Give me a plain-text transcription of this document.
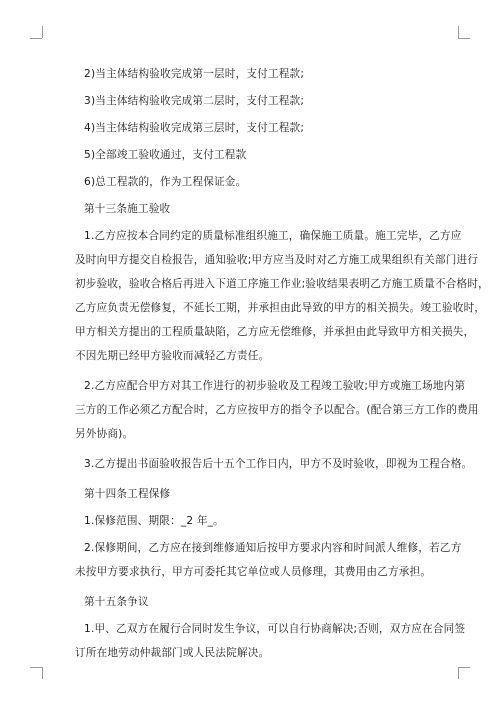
2)当主体结构验收完成第一层时，支付工程款;

3)当主体结构验收完成第二层时，支付工程款;

4)当主体结构验收完成第三层时，支付工程款;

5)全部竣工验收通过，支付工程款

6)总工程款的，作为工程保证金。

第十三条施工验收

1.乙方应按本合同约定的质量标准组织施工，确保施工质量。施工完毕，乙方应
及时向甲方提交自检报告，通知验收;甲方应当及时对乙方施工成果组织有关部门进行
初步验收，验收合格后再进入下道工序施工作业;验收结果表明乙方施工质量不合格时，
乙方应负责无偿修复，不延长工期，并承担由此导致的甲方的相关损失。竣工验收时，
甲方相关方提出的工程质量缺陷，乙方应无偿维修，并承担由此导致甲方相关损失，
不因先期已经甲方验收而减轻乙方责任。

2.乙方应配合甲方对其工作进行的初步验收及工程竣工验收;甲方或施工场地内第
三方的工作必须乙方配合时，乙方应按甲方的指令予以配合。(配合第三方工作的费用
另外协商)。

3.乙方提出书面验收报告后十五个工作日内，甲方不及时验收，即视为工程合格。

第十四条工程保修

1.保修范围、期限：_2 年_。

2.保修期间，乙方应在接到维修通知后按甲方要求内容和时间派人维修，若乙方
未按甲方要求执行，甲方可委托其它单位或人员修理，其费用由乙方承担。

第十五条争议

1.甲、乙双方在履行合同时发生争议，可以自行协商解决;否则，双方应在合同签
订所在地劳动仲裁部门或人民法院解决。
